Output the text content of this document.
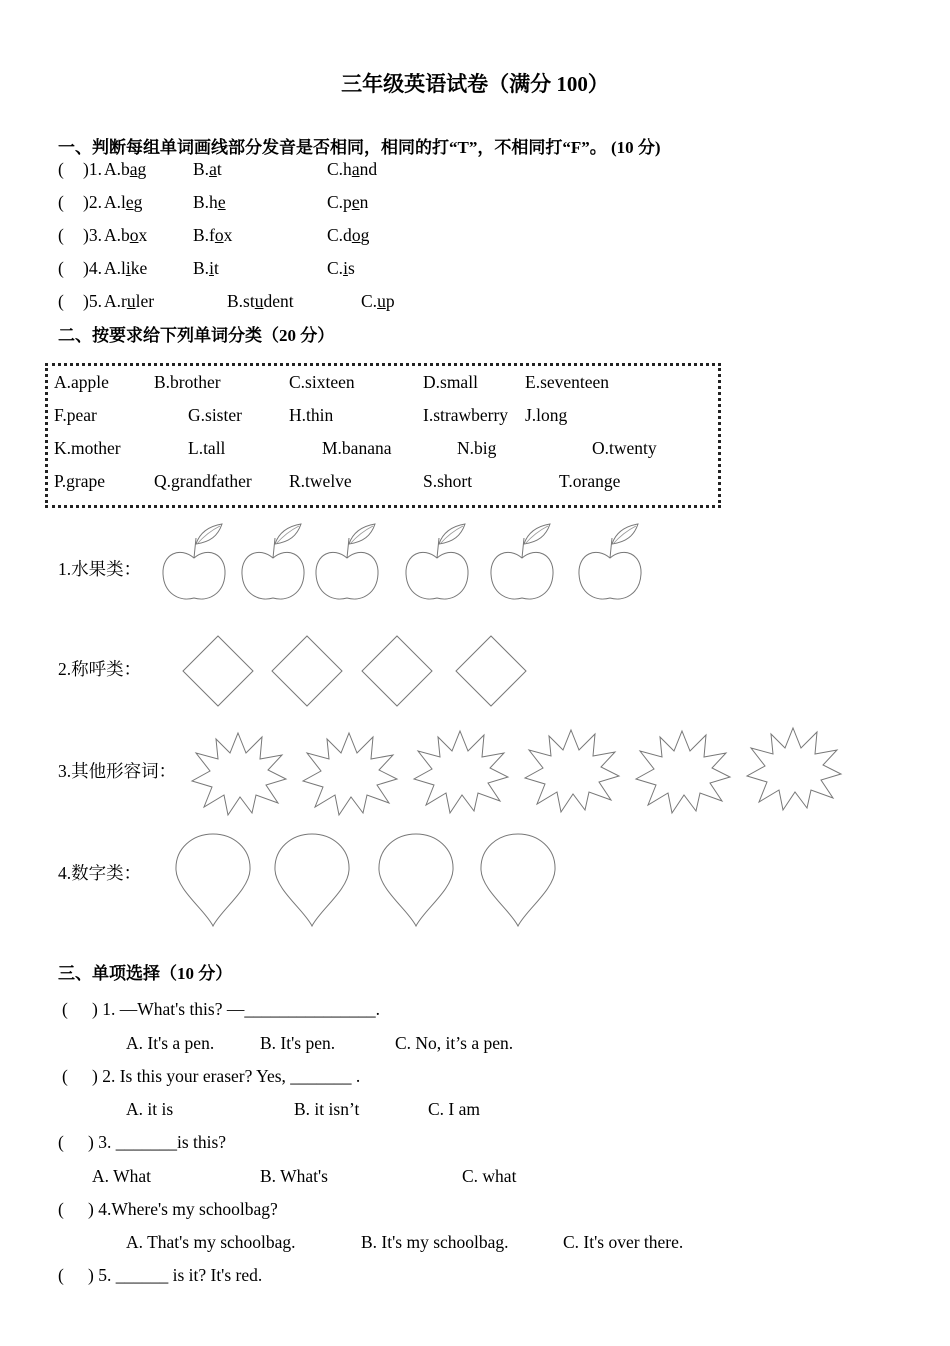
三年级英语试卷（满分 100）
一、判断每组单词画线部分发音是否相同，相同的打“T”，不相同打“F”。 (10 分)
( )1. A.bag	B.at	C.hand
( )2. A.leg	B.he	C.pen
( )3. A.box	B.fox	C.dog
( )4. A.like	B.it	C.is
( )5. A.ruler	B.student	C.up
二、按要求给下列单词分类（20 分）
A.apple	B.brother	C.sixteen	D.small	E.seventeen
F.pear	G.sister	H.thin	I.strawberry J.long
K.mother	L.tall	M.banana	N.big	O.twenty
P.grape	Q.grandfather R.twelve	S.short	T.orange
1.水果类：
2.称呼类：
3.其他形容词：
4.数字类：
三、单项选择（10 分）
( ) 1. —What's this? —_______________.
A. It's a pen.	B. It's pen.	C. No, it’s a pen.
( ) 2. Is this your eraser? Yes, _______ .
A. it is	B. it isn’t	C. I am
( ) 3. _______is this?
A. What	B. What's	C. what
( ) 4.Where's my schoolbag?
A. That's my schoolbag.	B. It's my schoolbag.	C. It's over there.
( ) 5. ______ is it? It's red.
